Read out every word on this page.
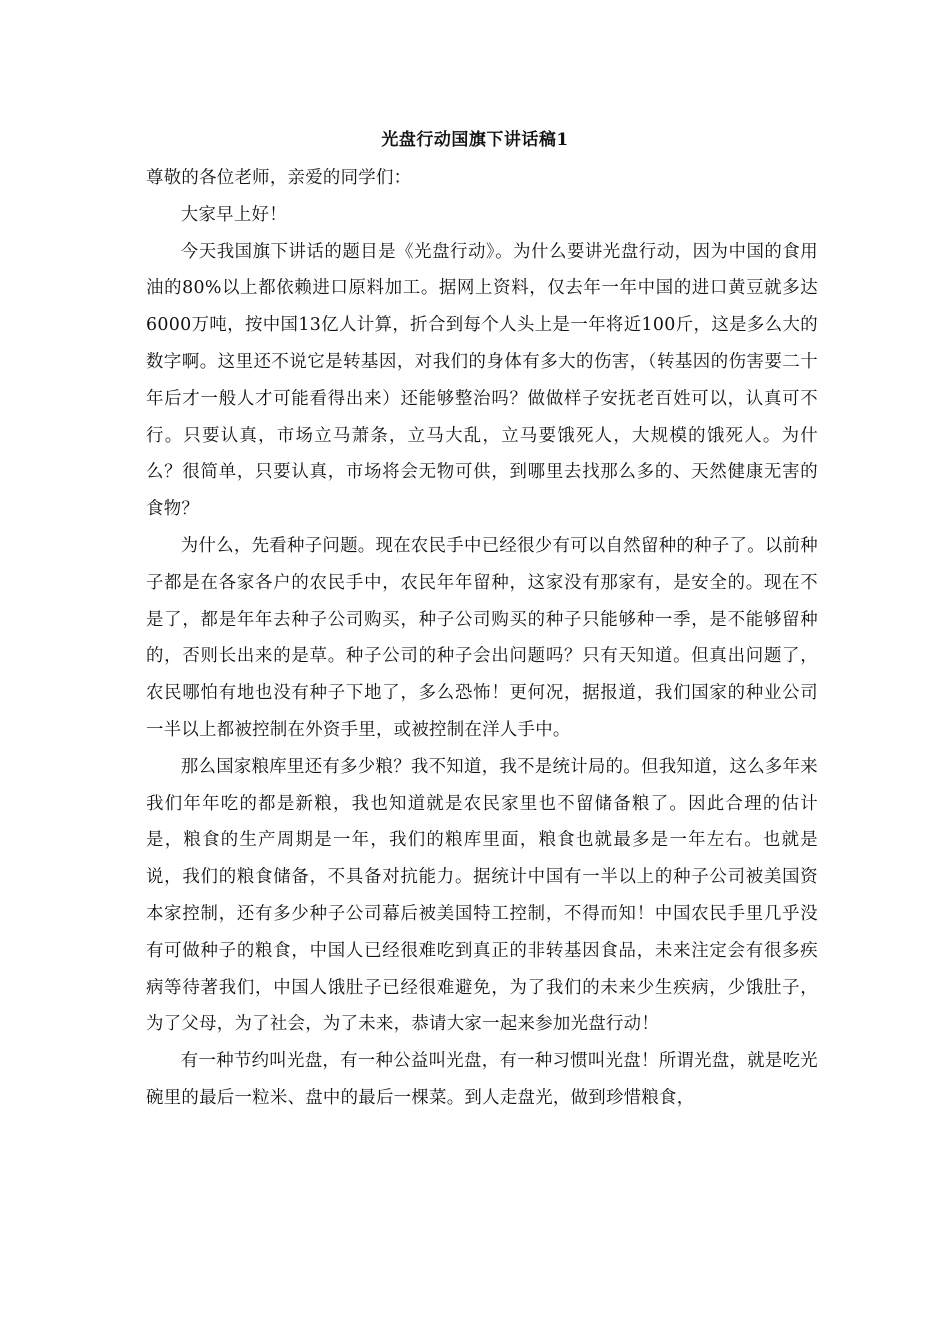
光盘行动国旗下讲话稿1

尊敬的各位老师，亲爱的同学们：

大家早上好！

今天我国旗下讲话的题目是《光盘行动》。为什么要讲光盘行动，因为中国的食用油的80%以上都依赖进口原料加工。据网上资料，仅去年一年中国的进口黄豆就多达6000万吨，按中国13亿人计算，折合到每个人头上是一年将近100斤，这是多么大的数字啊。这里还不说它是转基因，对我们的身体有多大的伤害，（转基因的伤害要二十年后才一般人才可能看得出来）还能够整治吗？做做样子安抚老百姓可以，认真可不行。只要认真，市场立马萧条，立马大乱，立马要饿死人，大规模的饿死人。为什么？很简单，只要认真，市场将会无物可供，到哪里去找那么多的、天然健康无害的食物？

为什么，先看种子问题。现在农民手中已经很少有可以自然留种的种子了。以前种子都是在各家各户的农民手中，农民年年留种，这家没有那家有，是安全的。现在不是了，都是年年去种子公司购买，种子公司购买的种子只能够种一季，是不能够留种的，否则长出来的是草。种子公司的种子会出问题吗？只有天知道。但真出问题了，农民哪怕有地也没有种子下地了，多么恐怖！更何况，据报道，我们国家的种业公司一半以上都被控制在外资手里，或被控制在洋人手中。

那么国家粮库里还有多少粮？我不知道，我不是统计局的。但我知道，这么多年来我们年年吃的都是新粮，我也知道就是农民家里也不留储备粮了。因此合理的估计是，粮食的生产周期是一年，我们的粮库里面，粮食也就最多是一年左右。也就是说，我们的粮食储备，不具备对抗能力。据统计中国有一半以上的种子公司被美国资本家控制，还有多少种子公司幕后被美国特工控制，不得而知！中国农民手里几乎没有可做种子的粮食，中国人已经很难吃到真正的非转基因食品，未来注定会有很多疾病等待著我们，中国人饿肚子已经很难避免，为了我们的未来少生疾病，少饿肚子，为了父母，为了社会，为了未来，恭请大家一起来参加光盘行动！

有一种节约叫光盘，有一种公益叫光盘，有一种习惯叫光盘！所谓光盘，就是吃光碗里的最后一粒米、盘中的最后一棵菜。到人走盘光，做到珍惜粮食，
